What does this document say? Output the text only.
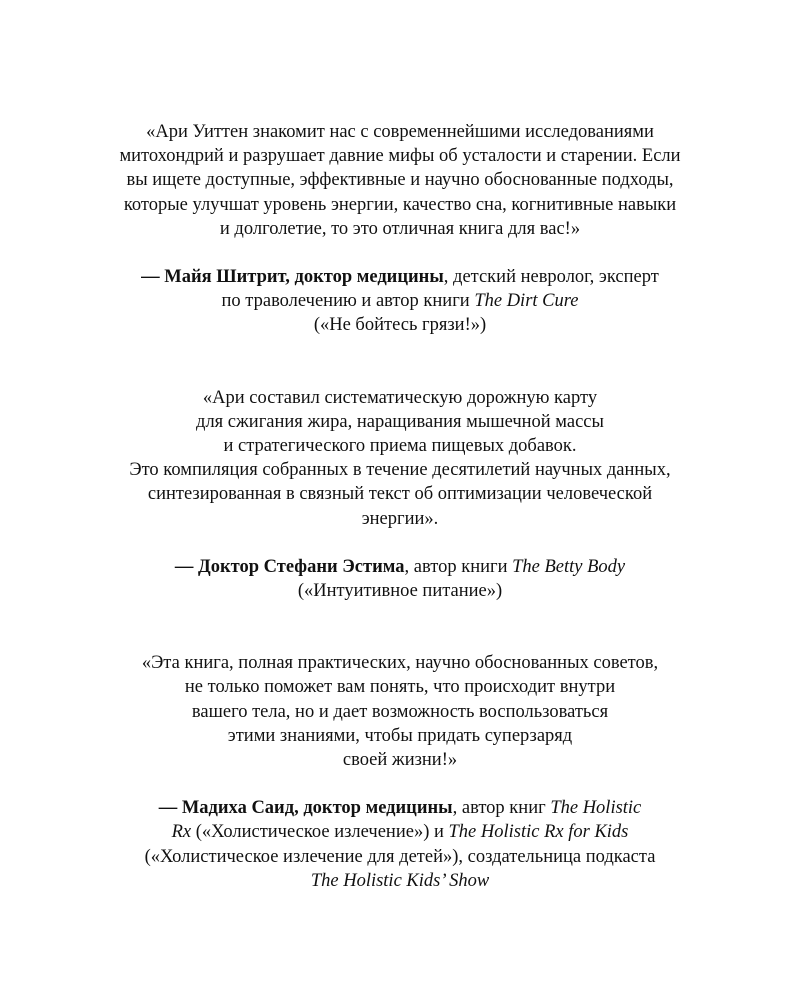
«Ари Уиттен знакомит нас с современнейшими исследованиями
митохондрий и разрушает давние мифы об усталости и старении. Если
вы ищете доступные, эффективные и научно обоснованные подходы,
которые улучшат уровень энергии, качество сна, когнитивные навыки
и долголетие, то это отличная книга для вас!»

— Майя Шитрит, доктор медицины, детский невролог, эксперт
по траволечению и автор книги The Dirt Cure
(«Не бойтесь грязи!»)

«Ари составил систематическую дорожную карту
для сжигания жира, наращивания мышечной массы
и стратегического приема пищевых добавок.
Это компиляция собранных в течение десятилетий научных данных,
синтезированная в связный текст об оптимизации человеческой
энергии».

— Доктор Стефани Эстима, автор книги The Betty Body
(«Интуитивное питание»)

«Эта книга, полная практических, научно обоснованных советов,
не только поможет вам понять, что происходит внутри
вашего тела, но и дает возможность воспользоваться
этими знаниями, чтобы придать суперзаряд
своей жизни!»

— Мадиха Саид, доктор медицины, автор книг The Holistic
Rx («Холистическое излечение») и The Holistic Rx for Kids
(«Холистическое излечение для детей»), создательница подкаста
The Holistic Kids’ Show
